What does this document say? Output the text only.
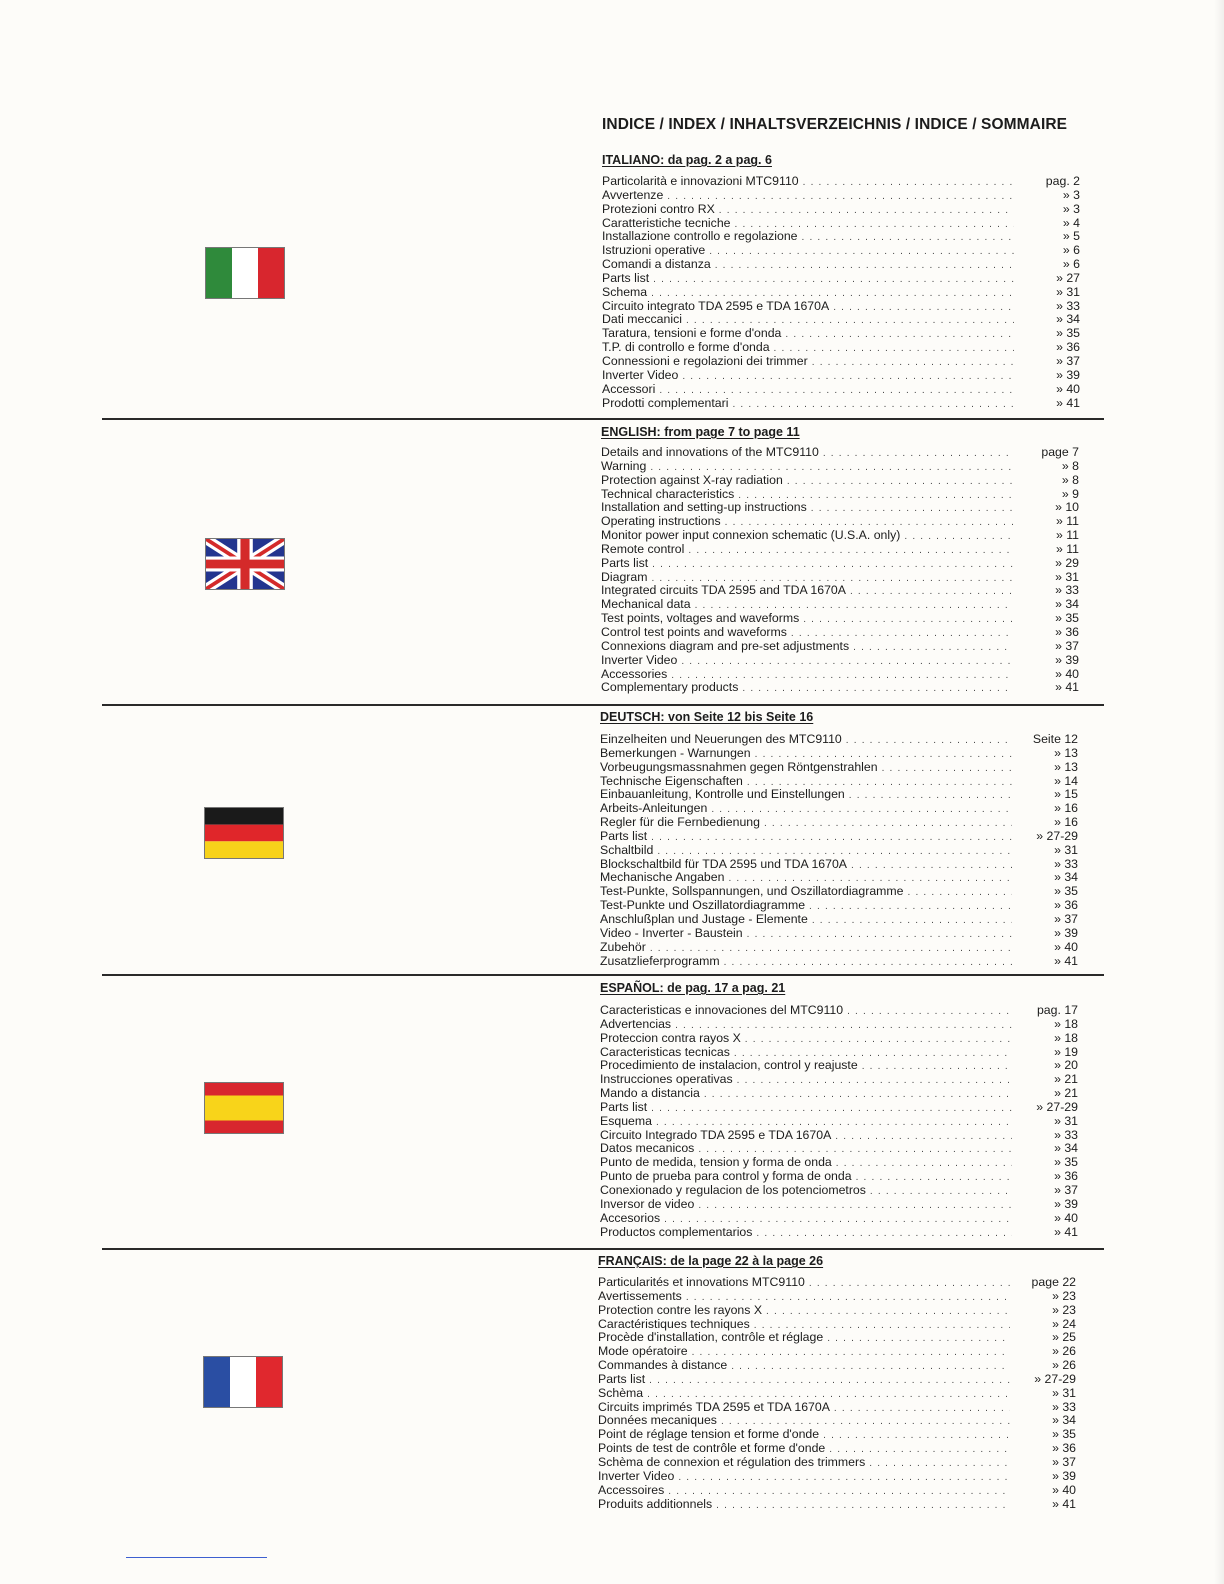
INDICE / INDEX / INHALTSVERZEICHNIS / INDICE / SOMMAIRE
ITALIANO: da pag. 2 a pag. 6
Particolarità e innovazioni MTC9110 . . .	pag. 2
Avvertenze . . .	» 3
Protezioni contro RX . . .	» 3
Caratteristiche tecniche . . .	» 4
Installazione controllo e regolazione . . .	» 5
Istruzioni operative . . .	» 6
Comandi a distanza . . .	» 6
Parts list . . .	» 27
Schema . . .	» 31
Circuito integrato TDA 2595 e TDA 1670A . . .	» 33
Dati meccanici . . .	» 34
Taratura, tensioni e forme d'onda . . .	» 35
T.P. di controllo e forme d'onda . . .	» 36
Connessioni e regolazioni dei trimmer . . .	» 37
Inverter Video . . .	» 39
Accessori . . .	» 40
Prodotti complementari . . .	» 41
ENGLISH: from page 7 to page 11
Details and innovations of the MTC9110 . . .	page 7
Warning . . .	» 8
Protection against X-ray radiation . . .	» 8
Technical characteristics . . .	» 9
Installation and setting-up instructions . . .	» 10
Operating instructions . . .	» 11
Monitor power input connexion schematic (U.S.A. only) . . .	» 11
Remote control . . .	» 11
Parts list . . .	» 29
Diagram . . .	» 31
Integrated circuits TDA 2595 and TDA 1670A . . .	» 33
Mechanical data . . .	» 34
Test points, voltages and waveforms . . .	» 35
Control test points and waveforms . . .	» 36
Connexions diagram and pre-set adjustments . . .	» 37
Inverter Video . . .	» 39
Accessories . . .	» 40
Complementary products . . .	» 41
DEUTSCH: von Seite 12 bis Seite 16
Einzelheiten und Neuerungen des MTC9110 . . .	Seite 12
Bemerkungen - Warnungen . . .	» 13
Vorbeugungsmassnahmen gegen Röntgenstrahlen . . .	» 13
Technische Eigenschaften . . .	» 14
Einbauanleitung, Kontrolle und Einstellungen . . .	» 15
Arbeits-Anleitungen . . .	» 16
Regler für die Fernbedienung . . .	» 16
Parts list . . .	» 27-29
Schaltbild . . .	» 31
Blockschaltbild für TDA 2595 und TDA 1670A . . .	» 33
Mechanische Angaben . . .	» 34
Test-Punkte, Sollspannungen, und Oszillatordiagramme . . .	» 35
Test-Punkte und Oszillatordiagramme . . .	» 36
Anschlußplan und Justage - Elemente . . .	» 37
Video - Inverter - Baustein . . .	» 39
Zubehör . . .	» 40
Zusatzlieferprogramm . . .	» 41
ESPAÑOL: de pag. 17 a pag. 21
Caracteristicas e innovaciones del MTC9110 . . .	pag. 17
Advertencias . . .	» 18
Proteccion contra rayos X . . .	» 18
Caracteristicas tecnicas . . .	» 19
Procedimiento de instalacion, control y reajuste . . .	» 20
Instrucciones operativas . . .	» 21
Mando a distancia . . .	» 21
Parts list . . .	» 27-29
Esquema . . .	» 31
Circuito Integrado TDA 2595 e TDA 1670A . . .	» 33
Datos mecanicos . . .	» 34
Punto de medida, tension y forma de onda . . .	» 35
Punto de prueba para control y forma de onda . . .	» 36
Conexionado y regulacion de los potenciometros . . .	» 37
Inversor de video . . .	» 39
Accesorios . . .	» 40
Productos complementarios . . .	» 41
FRANÇAIS: de la page 22 à la page 26
Particularités et innovations MTC9110 . . .	page 22
Avertissements . . .	» 23
Protection contre les rayons X . . .	» 23
Caractéristiques techniques . . .	» 24
Procède d'installation, contrôle et réglage . . .	» 25
Mode opératoire . . .	» 26
Commandes à distance . . .	» 26
Parts list . . .	» 27-29
Schèma . . .	» 31
Circuits imprimés TDA 2595 et TDA 1670A . . .	» 33
Données mecaniques . . .	» 34
Point de réglage tension et forme d'onde . . .	» 35
Points de test de contrôle et forme d'onde . . .	» 36
Schèma de connexion et régulation des trimmers . . .	» 37
Inverter Video . . .	» 39
Accessoires . . .	» 40
Produits additionnels . . .	» 41
